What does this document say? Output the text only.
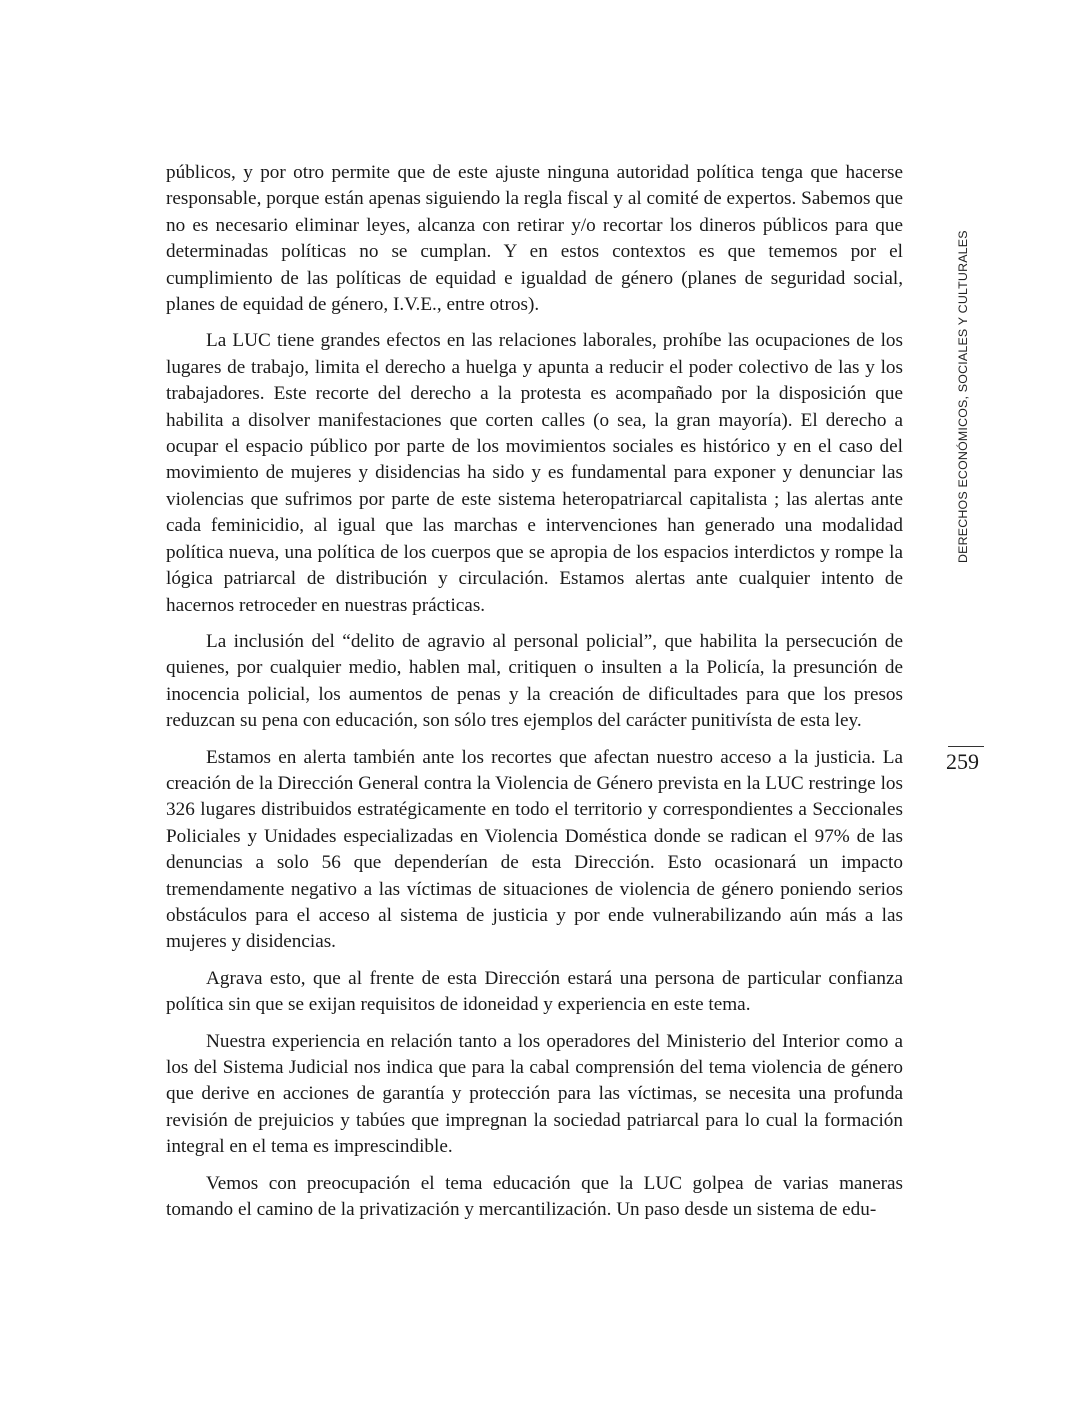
públicos, y por otro permite que de este ajuste ninguna autoridad política tenga que hacerse responsable, porque están apenas siguiendo la regla fiscal y al comité de expertos. Sabemos que no es necesario eliminar leyes, alcanza con retirar y/o recortar los dineros públicos para que determinadas políticas no se cumplan. Y en estos contextos es que tememos por el cumplimiento de las políticas de equidad e igualdad de género (planes de seguridad social, planes de equidad de género, I.V.E., entre otros).

La LUC tiene grandes efectos en las relaciones laborales, prohíbe las ocupaciones de los lugares de trabajo, limita el derecho a huelga y apunta a reducir el poder colectivo de las y los trabajadores. Este recorte del derecho a la protesta es acompañado por la disposición que habilita a disolver manifestaciones que corten calles (o sea, la gran mayoría). El derecho a ocupar el espacio público por parte de los movimientos sociales es histórico y en el caso del movimiento de mujeres y disidencias ha sido y es fundamental para exponer y denunciar las violencias que sufrimos por parte de este sistema heteropatriarcal capitalista ; las alertas ante cada feminicidio, al igual que las marchas e intervenciones han generado una modalidad política nueva, una política de los cuerpos que se apropia de los espacios interdictos y rompe la lógica patriarcal de distribución y circulación. Estamos alertas ante cualquier intento de hacernos retroceder en nuestras prácticas.

La inclusión del “delito de agravio al personal policial”, que habilita la persecución de quienes, por cualquier medio, hablen mal, critiquen o insulten a la Policía, la presunción de inocencia policial, los aumentos de penas y la creación de dificultades para que los presos reduzcan su pena con educación, son sólo tres ejemplos del carácter punitivísta de esta ley.

Estamos en alerta también ante los recortes que afectan nuestro acceso a la justicia. La creación de la Dirección General contra la Violencia de Género prevista en la LUC restringe los 326 lugares distribuidos estratégicamente en todo el territorio y correspondientes a Seccionales Policiales y Unidades especializadas en Violencia Doméstica donde se radican el 97% de las denuncias a solo 56 que dependerían de esta Dirección. Esto ocasionará un impacto tremendamente negativo a las víctimas de situaciones de violencia de género poniendo serios obstáculos para el acceso al sistema de justicia y por ende vulnerabilizando aún más a las mujeres y disidencias.

Agrava esto, que al frente de esta Dirección estará una persona de particular confianza política sin que se exijan requisitos de idoneidad y experiencia en este tema.

Nuestra experiencia en relación tanto a los operadores del Ministerio del Interior como a los del Sistema Judicial nos indica que para la cabal comprensión del tema violencia de género que derive en acciones de garantía y protección para las víctimas, se necesita una profunda revisión de prejuicios y tabúes que impregnan la sociedad patriarcal para lo cual la formación integral en el tema es imprescindible.

Vemos con preocupación el tema educación que la LUC golpea de varias maneras tomando el camino de la privatización y mercantilización. Un paso desde un sistema de edu-

DERECHOS ECONÓMICOS, SOCIALES Y CULTURALES
259
